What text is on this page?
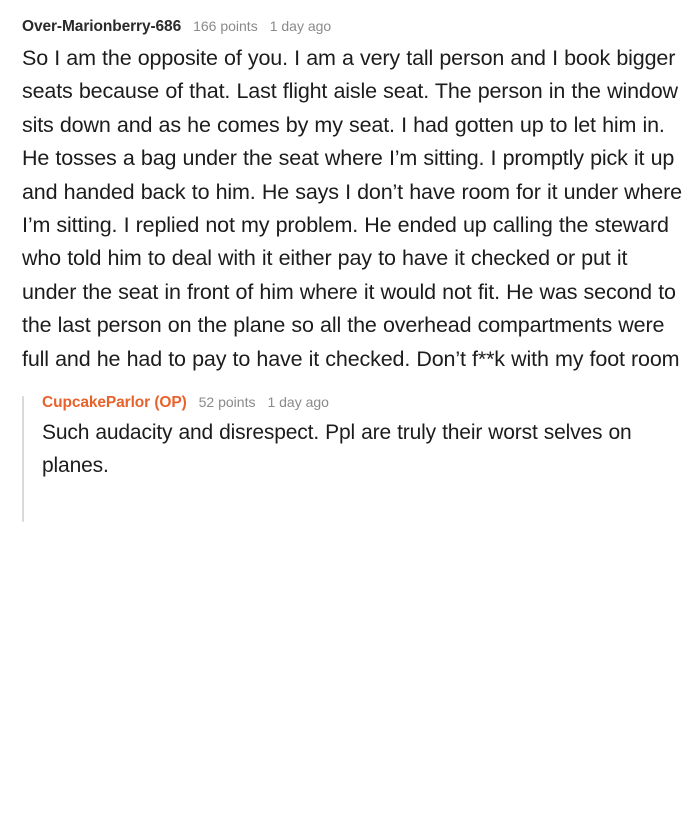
Over-Marionberry-686 166 points 1 day ago
So I am the opposite of you. I am a very tall person and I book bigger seats because of that. Last flight aisle seat. The person in the window sits down and as he comes by my seat. I had gotten up to let him in. He tosses a bag under the seat where I’m sitting. I promptly pick it up and handed back to him. He says I don’t have room for it under where I’m sitting. I replied not my problem. He ended up calling the steward who told him to deal with it either pay to have it checked or put it under the seat in front of him where it would not fit. He was second to the last person on the plane so all the overhead compartments were full and he had to pay to have it checked. Don’t f**k with my foot room
CupcakeParlor (OP) 52 points 1 day ago
Such audacity and disrespect. Ppl are truly their worst selves on planes.
